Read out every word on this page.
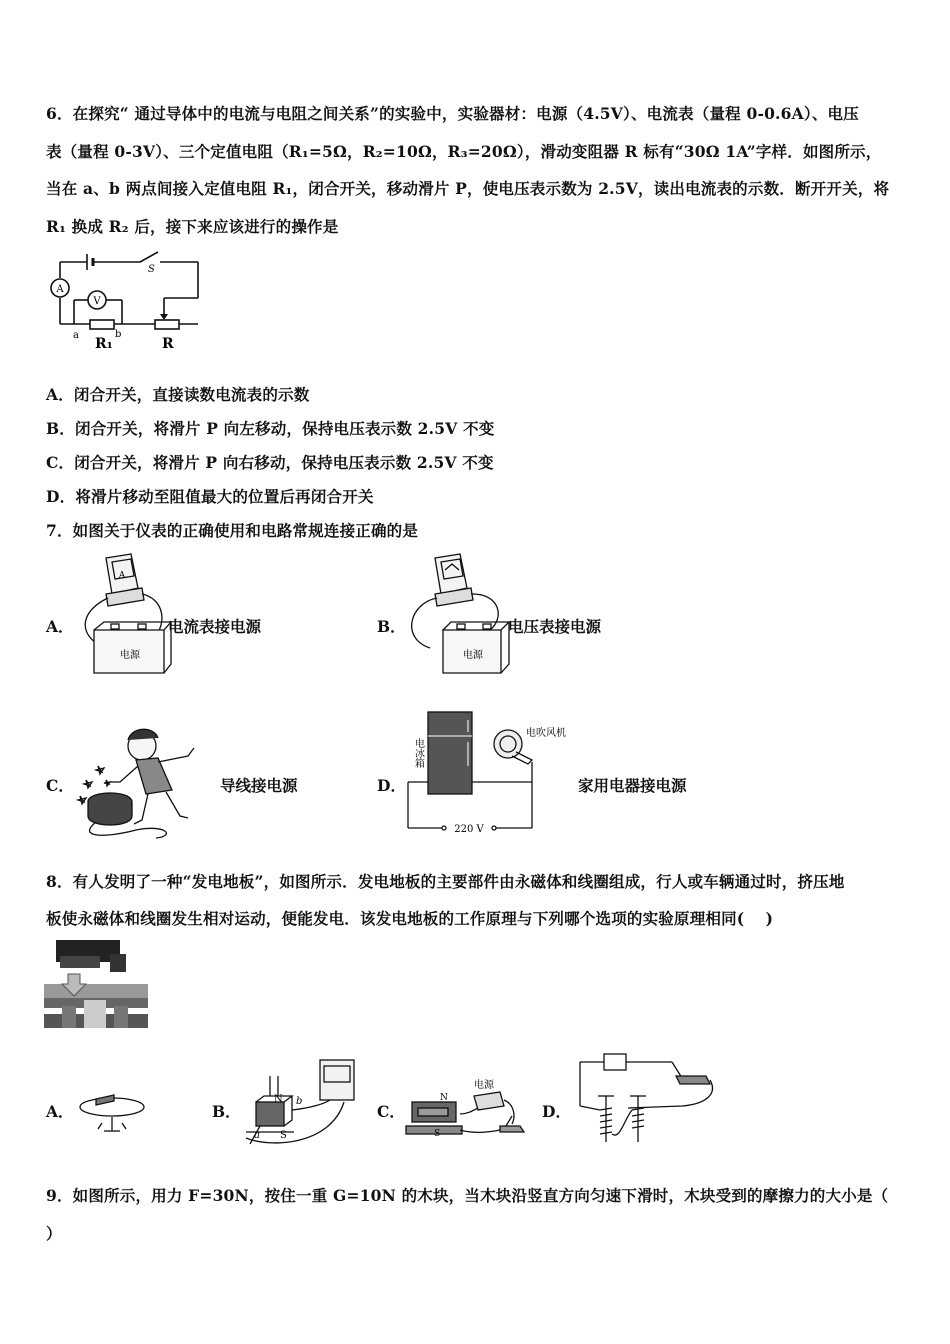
6．在探究“ 通过导体中的电流与电阻之间关系”的实验中，实验器材：电源（4.5V）、电流表（量程 0-0.6A）、电压
表（量程 0-3V）、三个定值电阻（R₁=5Ω，R₂=10Ω，R₃=20Ω），滑动变阻器 R 标有“30Ω 1A”字样．如图所示，
当在 a、b 两点间接入定值电阻 R₁，闭合开关，移动滑片 P，使电压表示数为 2.5V，读出电流表的示数．断开开关，将
R₁ 换成 R₂ 后，接下来应该进行的操作是
A
V
S
a	b
R₁	R
A．闭合开关，直接读数电流表的示数
B．闭合开关，将滑片 P 向左移动，保持电压表示数 2.5V 不变
C．闭合开关，将滑片 P 向右移动，保持电压表示数 2.5V 不变
D．将滑片移动至阻值最大的位置后再闭合开关
7．如图关于仪表的正确使用和电路常规连接正确的是
A．
A
电源
电流表接电源	B．
电源
电压表接电源
C．	导线接电源	D．
电冰箱
电吹风机
220 V
家用电器接电源
8．有人发明了一种“发电地板”，如图所示．发电地板的主要部件由永磁体和线圈组成，行人或车辆通过时，挤压地
板使永磁体和线圈发生相对运动，便能发电．该发电地板的工作原理与下列哪个选项的实验原理相同(　 )
A．	B．
N
S
a
b
C．
电源
N
S
D．
9．如图所示，用力 F=30N，按住一重 G=10N 的木块，当木块沿竖直方向匀速下滑时，木块受到的摩擦力的大小是（
）
